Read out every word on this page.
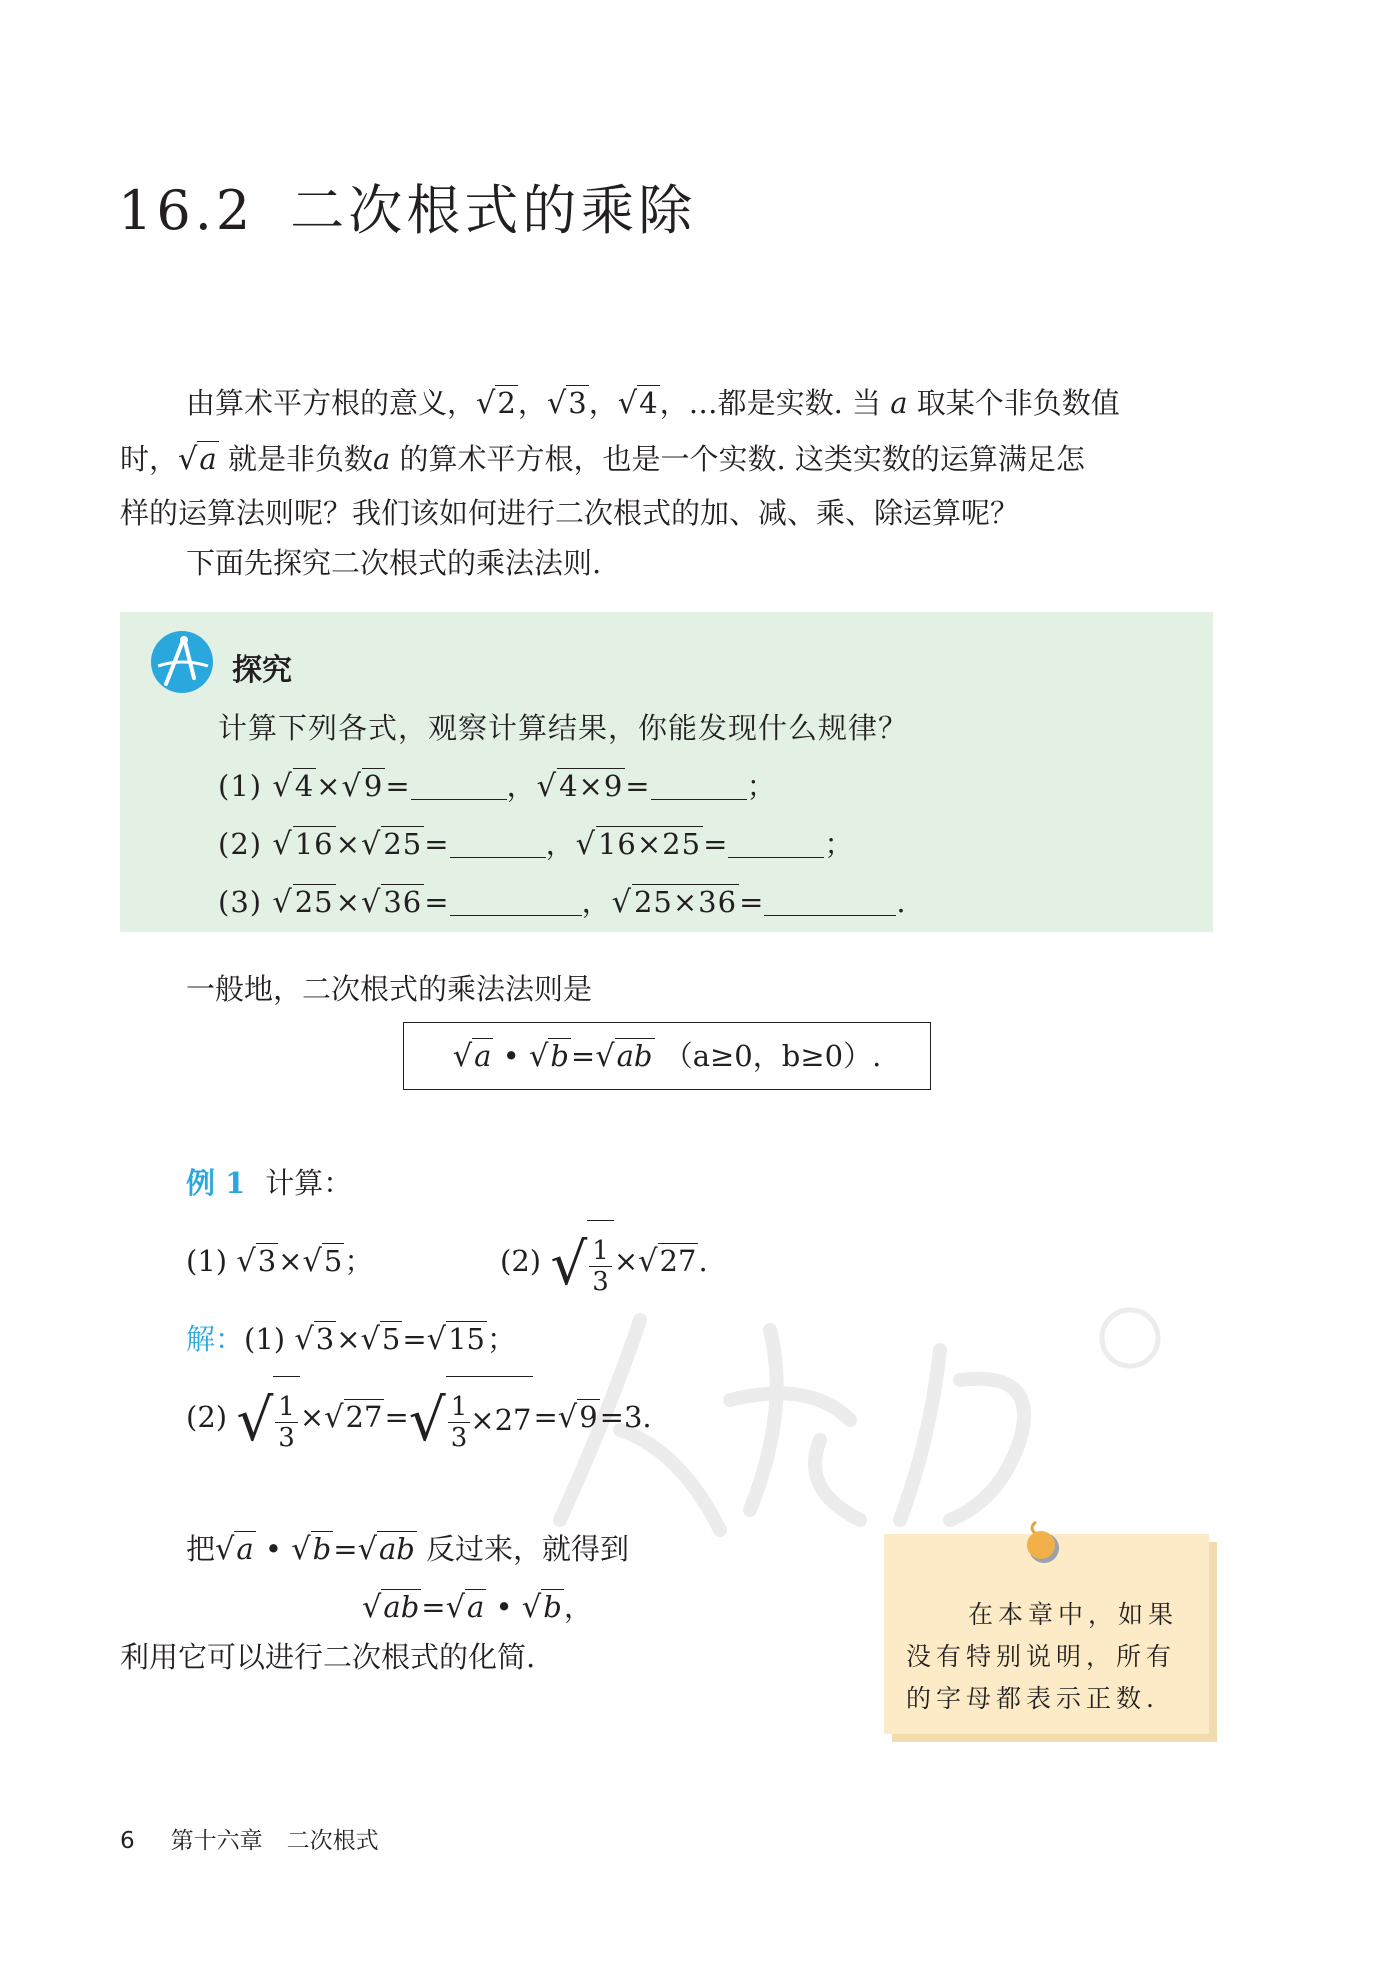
16.2 二次根式的乘除
由算术平方根的意义，√2，√3，√4，…都是实数. 当 a 取某个非负数值
时，√a 就是非负数a 的算术平方根，也是一个实数. 这类实数的运算满足怎
样的运算法则呢？我们该如何进行二次根式的加、减、乘、除运算呢？
下面先探究二次根式的乘法法则.
探究
计算下列各式，观察计算结果，你能发现什么规律？
(1) √4×√9=	，√4×9=	；
(2) √16×√25=	，√16×25=	；
(3) √25×√36=	，√25×36=	.
一般地，二次根式的乘法法则是
√a • √b=√ab （a≥0，b≥0）.
例 1 计算：
(1) √3×√5；	(2) √ $\frac{1}{3} \times√27$.
解：(1) √3×√5=√15；
(2) √ $\frac{1}{3} \times√27=√ \frac{1}{3} \times 27=√9=3$.
把√a • √b=√ab 反过来，就得到
√ab=√a • √b，
利用它可以进行二次根式的化简.
在本章中，如果
没有特别说明，所有
的字母都表示正数.
6 第十六章 二次根式
